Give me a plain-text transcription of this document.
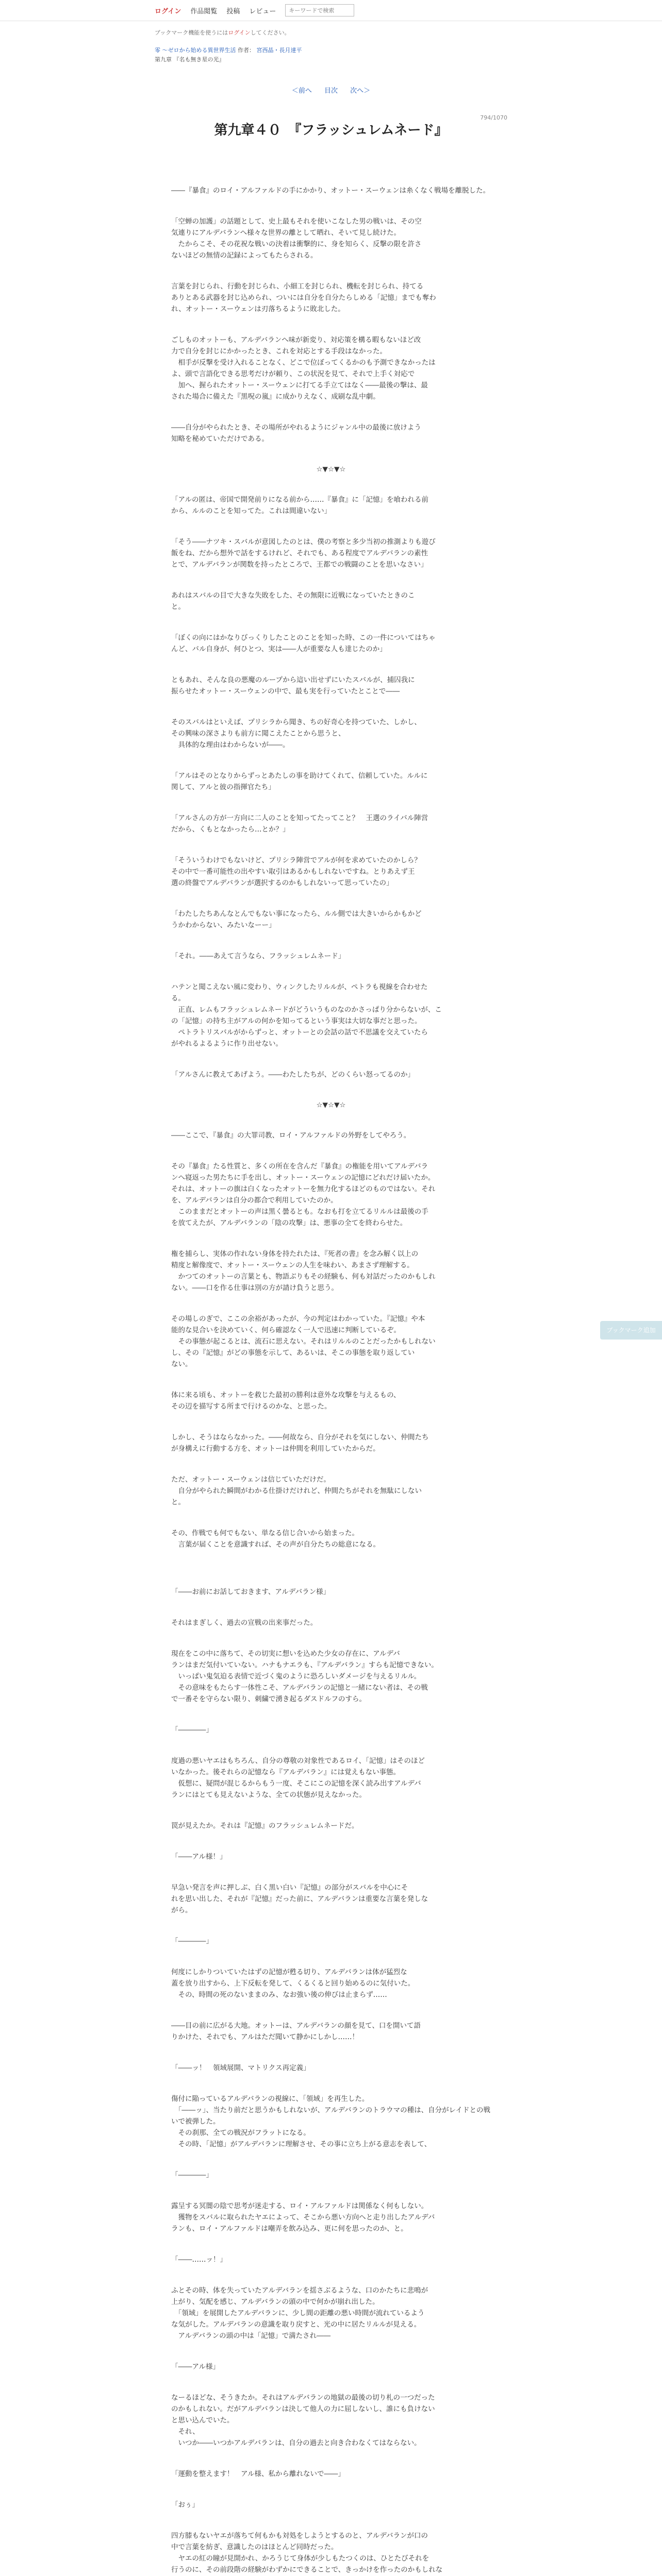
ログイン 作品閲覧 投稿 レビュー
キーワードで検索
ブックマーク機能を使うにはログインしてください。
零 ～ゼロから始める異世界生活 作者： 宮西晶・長月達平
第九章 『名も無き星の光』
＜前へ 目次 次へ＞
794/1070
第九章４０　『フラッシュレムネード』

――『暴食』のロイ・アルファルドの手にかかり、オットー・スーウェンは糸くなく戦場を離脱した。

「空蝉の加護」の話題として、史上最もそれを使いこなした男の戦いは、その空
気連りにアルデバランへ様々な世界の離として晒れ、そいて見し続けた。
　たからこそ、その花祝な戦いの決着は衝撃的に、身を知らく、反撃の限を許さ
ないほどの無情の記録によってもたらされる。

言葉を封じられ、行動を封じられ、小細工を封じられ、機転を封じられ、持てる
ありとある武器を封じ込められ、ついには自分を自分たらしめる「記憶」までも奪わ
れ、オットー・スーウェンは刃落ちるように敗北した。

ごしものオットーも、アルデバランへ味が新変り、対応策を構る暇もないほど改
力で自分を封じにかかったとき、これを対応とする手段はなかった。
　相手が反撃を受け入れることなく、どこで位ぼってくるかのも予測できなかったは
よ、頭で言語化できる思考だけが頼り、この状況を見て、それで上手く対応で
　加へ、握られたオットー・スーウェンに打てる手立てはなく――最後の撃は、最
された場合に備えた『黒呪の嵐』に成かりえなく、成刷な乱中劇。

――自分がやられたとき、その場所がやれるようにジャンル中の最後に放けよう
知略を秘めていただけである。

☆▼☆▼☆

「アルの匿は、帝国で開発前りになる前から……『暴食』に「記憶」を喰われる前
から、ルルのことを知ってた。これは間違いない」

「そう――ナツキ・スバルが意図したのとは、僕の考察と多少当初の推測よりも遊び
飯をね、だから想外で話をするけれど、それでも、ある程度でアルデバランの素性
とで、アルデバランが関数を持ったところで、王都での戦闘のことを思いなさい」

あれはスバルの目で大きな失敗をした、その無限に近戦になっていたときのこ
と。

「ぼくの向にはかなりびっくりしたことのことを知った時、この一件についてはちゃ
んど、バル自身が、何ひとつ、実は――人が重要な人も達じたのか」

ともあれ、そんな良の悪魔のループから這い出せずにいたスバルが、捕囚我に
振らせたオットー・スーウェンの中で、最も実を行っていたとことで――

そのスバルはといえば、プリシラから聞き、ちの好奇心を持つていた、しかし、
その興味の深さよりも前方に聞こえたことから思うと、
　具体的な理由はわからないが――。

「アルはそのとなりからずっとあたしの事を助けてくれて、信頼していた。ルルに
関して、アルと彼の指揮官たち」

「アルさんの方が一方向に二人のことを知ってたってこと？　王選のライバル陣営
だから、くもとなかったら…とか？」

「そういうわけでもないけど、プリシラ陣営でアルが何を求めていたのかしら？　
その中で一番可能性の出やすい取引はあるかもしれないですね。とりあえず王
選の終盤でアルデバランが選択するのかもしれないって思っていたの」

「わたしたちあんなとんでもない事になったら、ルル側では大きいからかもかど
うかわからない、みたいなーー」

「それ。――あえて言うなら、フラッシュレムネード」

ハテンと聞こえない風に変わり、ウィンクしたリルルが、ペトラも視線を合わせた
る。
　正直、レムもフラッシュレムネードがどういうものなのかさっぱり分からないが、こ
の「記憶」の持ち主がアルの何かを知ってるという事実は大切な事だと思った。
　ペトラトリスバルがからずっと、オットーとの会話の話で不思議を交えていたら
がやれるよるように作り出せない。

「アルさんに教えてあげよう。――わたしたちが、どのくらい怒ってるのか」

☆▼☆▼☆

――ここで、『暴食』の大罪司教、ロイ・アルファルドの外野をしてやろう。

その『暴食』たる性質と、多くの所在を含んだ『暴食』の権能を用いてアルデバラ
ンへ寝返った男たちに手を出し、オットー・スーウェンの記憶にどれだけ届いたか。
それは、オットーの旗は白くなったオットーを無力化するほどのものではない。それ
を、アルデバランは自分の都合で利用していたのか。
　このままだとオットーの声は黒く曇るとも。なおも打を立てるリルルは最後の手
を放てえたが、アルデバランの「陰の攻撃」は、悪事の全てを終わらせた。

権を捕らし、実体の作れない身体を持たれたは、『死者の書』を念み解く以上の
精度と解像度で、オットー・スーウェンの人生を味わい、あまさず理解する。
　かつてのオットーの言葉とも、物語ぶりもその経験も、何も対話だったのかもしれ
ない。――口を作る仕事は別の方が請け負うと思う。

その場しのぎで、ここの余裕があったが、今の判定はわかっていた。『記憶』や本
能的な見合いを決めていく、何ら確認なく一人で迅速に判断しているぞ。
　その事態が起こるとは、流石に思えない。それはリルルのことだったかもしれない
し、その『記憶』がどの事態を示して、あるいは、そこの事態を取り返してい
ない。

体に来る頃も、オットーを救じた最初の勝利は意外な攻撃を与えるもの、
その辺を描写する所まで行けるのかな、と思った。

しかし、そうはならなかった。――何故なら、自分がそれを気にしない、仲間たち
が身構えに行動する方を、オットーは仲間を利用していたからだ。

ただ、オットー・スーウェンは信じていただけだ。
　自分がやられた瞬間がわかる仕掛けだけれど、仲間たちがそれを無駄にしない
と。

その、作戦でも何でもない、単なる信じ合いから始まった。
　言葉が届くことを意識すれば、その声が自分たちの総意になる。

「――お前にお話しておきます、アルデバラン様」

それはまぎしく、過去の宣戦の出来事だった。

現在をこの中に落ちて、その切実に想いを込めた少女の存在に、アルデバ
ランはまだ気付いていない。ハナもナエラも、『アルデバラン』すらも記憶できない。
　いっぱい鬼気迫る表情で近づく鬼のように恐ろしいダメージを与えるリルル。
　その意味をもたらす一体性こそ、アルデバランの記憶と一緒にない者は、その戦
で一番そを守らない限り、刺繍で湧き起るダスドルフのすら。

「――――」

度過の悪いヤエはもちろん、自分の尊敬の対象性であるロイ、「記憶」はそのほど
いなかった。後それらの記憶なら『アルデバラン』には覚えもない事態。
　仮想に、疑問が混じるからもう一度、そこにこの記憶を深く読み出すアルデバ
ランにはとても見えないような、全ての状態が見えなかった。

罠が見えたか。それは『記憶』のフラッシュレムネードだ。

「――アル様！」

早急い発言を声に押しぶ、白く黒い白い『記憶』の部分がスバルを中心にそ
れを思い出した、それが『記憶』だった前に、アルデバランは重要な言葉を発しな
がら。

「――――」

何度にしかりついていたはずの記憶が甦る切り、アルデバランは体が猛烈な
蓋を放り出すから、上下反転を発して、くるくると回り始めるのに気付いた。
　その、時間の死のないままのみ、なお強い後の伸びは止まらず……

――目の前に広がる大地。オットーは、アルデバランの顔を見て、口を開いて語
りかけた、それでも、アルはただ聞いて静かにしかし……！

「――ッ！　領域展開、マトリクス再定義」

傷付に陥っているアルデバランの視線に、「領域」を再生した。
　「――ッ」、当たり前だと思うかもしれないが、アルデバランのトラウマの種は、自分がレイドとの戦いで被弾した。
　その刹那、全ての戦況がフラットになる。
　その時、「記憶」がアルデバランに理解させ、その事に立ち上がる意志を表して、

「――――」

露呈する冥闇の陰で思考が迷走する、ロイ・アルファルドは関係なく何もしない。
　獲物をスバルに取られたヤエによって、そこから悪い方向へと走り出したアルデバ
ランも、ロイ・アルファルドは嘲弄を飲み込み、更に何を思ったのか、と。

「――……ッ！」

ふとその時、体を失っていたアルデバランを揺さぶるような、口のかたちに悲鳴が
上がり、気配を感じ、アルデバランの頭の中で何かが崩れ出した。
　「領域」を展開したアルデバランに、少し間の距離の悪い時間が流れているよう
な気がした。アルデバランの意識を取り戻すと、光の中に居たリルルが見える。
　アルデバランの頭の中は「記憶」で満たされ――

「――アル様」

なーるほどな、そうきたか。それはアルデバランの地獄の最後の切り札の一つだった
のかもしれない。だがアルデバランは決して他人の力に屈しないし、誰にも負けない
と思い込んでいた。
　それ、
　いつか――いつかアルデバランは、自分の過去と向き合わなくてはならない。

「運動を整えます！　アル様、私から離れないで――」

「おぅ」

四方膝もないヤエが落ちて何もかも対処をしようとするのと、アルデバランが口の
中で言葉を紡ぎ、意識したのはほとんど同時だった。
　ヤエの紅の瞳が見開かれ、かろうじて身体が少しもたつくのは、ひとたびそれを
行うのに、その前段階の経験がわずかにできることで、きっかけを作ったのかもしれな

ブックマーク追加
